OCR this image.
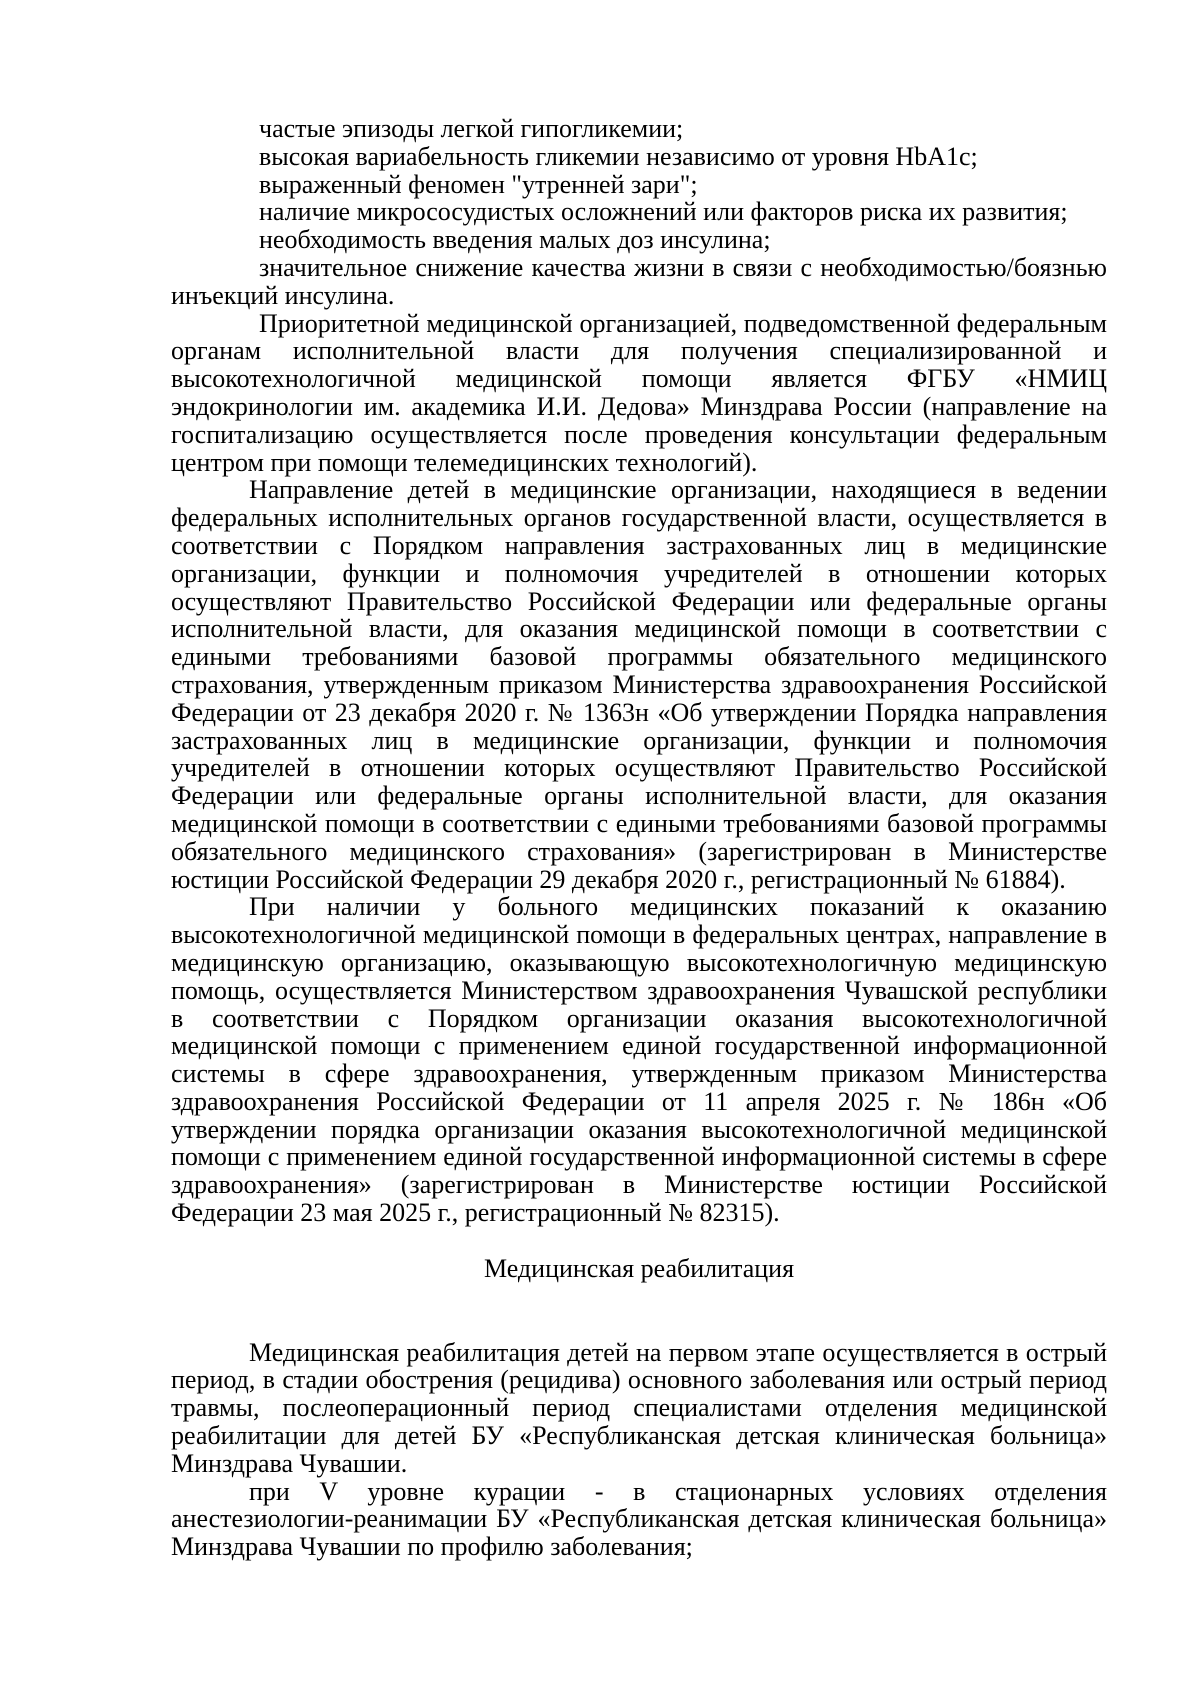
частые эпизоды легкой гипогликемии;

высокая вариабельность гликемии независимо от уровня HbA1c;

выраженный феномен "утренней зари";

наличие микрососудистых осложнений или факторов риска их развития;

необходимость введения малых доз инсулина;

значительное снижение качества жизни в связи с необходимостью/боязнью инъекций инсулина.

Приоритетной медицинской организацией, подведомственной федеральным органам исполнительной власти для получения специализированной и высокотехнологичной медицинской помощи является ФГБУ «НМИЦ эндокринологии им. академика И.И. Дедова» Минздрава России (направление на госпитализацию осуществляется после проведения консультации федеральным центром при помощи телемедицинских технологий).

Направление детей в медицинские организации, находящиеся в ведении федеральных исполнительных органов государственной власти, осуществляется в соответствии с Порядком направления застрахованных лиц в медицинские организации, функции и полномочия учредителей в отношении которых осуществляют Правительство Российской Федерации или федеральные органы исполнительной власти, для оказания медицинской помощи в соответствии с едиными требованиями базовой программы обязательного медицинского страхования, утвержденным приказом Министерства здравоохранения Российской Федерации от 23 декабря 2020 г. № 1363н «Об утверждении Порядка направления застрахованных лиц в медицинские организации, функции и полномочия учредителей в отношении которых осуществляют Правительство Российской Федерации или федеральные органы исполнительной власти, для оказания медицинской помощи в соответствии с едиными требованиями базовой программы обязательного медицинского страхования» (зарегистрирован в Министерстве юстиции Российской Федерации 29 декабря 2020 г., регистрационный № 61884).

При наличии у больного медицинских показаний к оказанию высокотехнологичной медицинской помощи в федеральных центрах, направление в медицинскую организацию, оказывающую высокотехнологичную медицинскую помощь, осуществляется Министерством здравоохранения Чувашской республики в соответствии с Порядком организации оказания высокотехнологичной медицинской помощи с применением единой государственной информационной системы в сфере здравоохранения, утвержденным приказом Министерства здравоохранения Российской Федерации от 11 апреля 2025 г. № 186н «Об утверждении порядка организации оказания высокотехнологичной медицинской помощи с применением единой государственной информационной системы в сфере здравоохранения» (зарегистрирован в Министерстве юстиции Российской Федерации 23 мая 2025 г., регистрационный № 82315).

Медицинская реабилитация

Медицинская реабилитация детей на первом этапе осуществляется в острый период, в стадии обострения (рецидива) основного заболевания или острый период травмы, послеоперационный период специалистами отделения медицинской реабилитации для детей БУ «Республиканская детская клиническая больница» Минздрава Чувашии.

при V уровне курации - в стационарных условиях отделения анестезиологии-реанимации БУ «Республиканская детская клиническая больница» Минздрава Чувашии по профилю заболевания;
